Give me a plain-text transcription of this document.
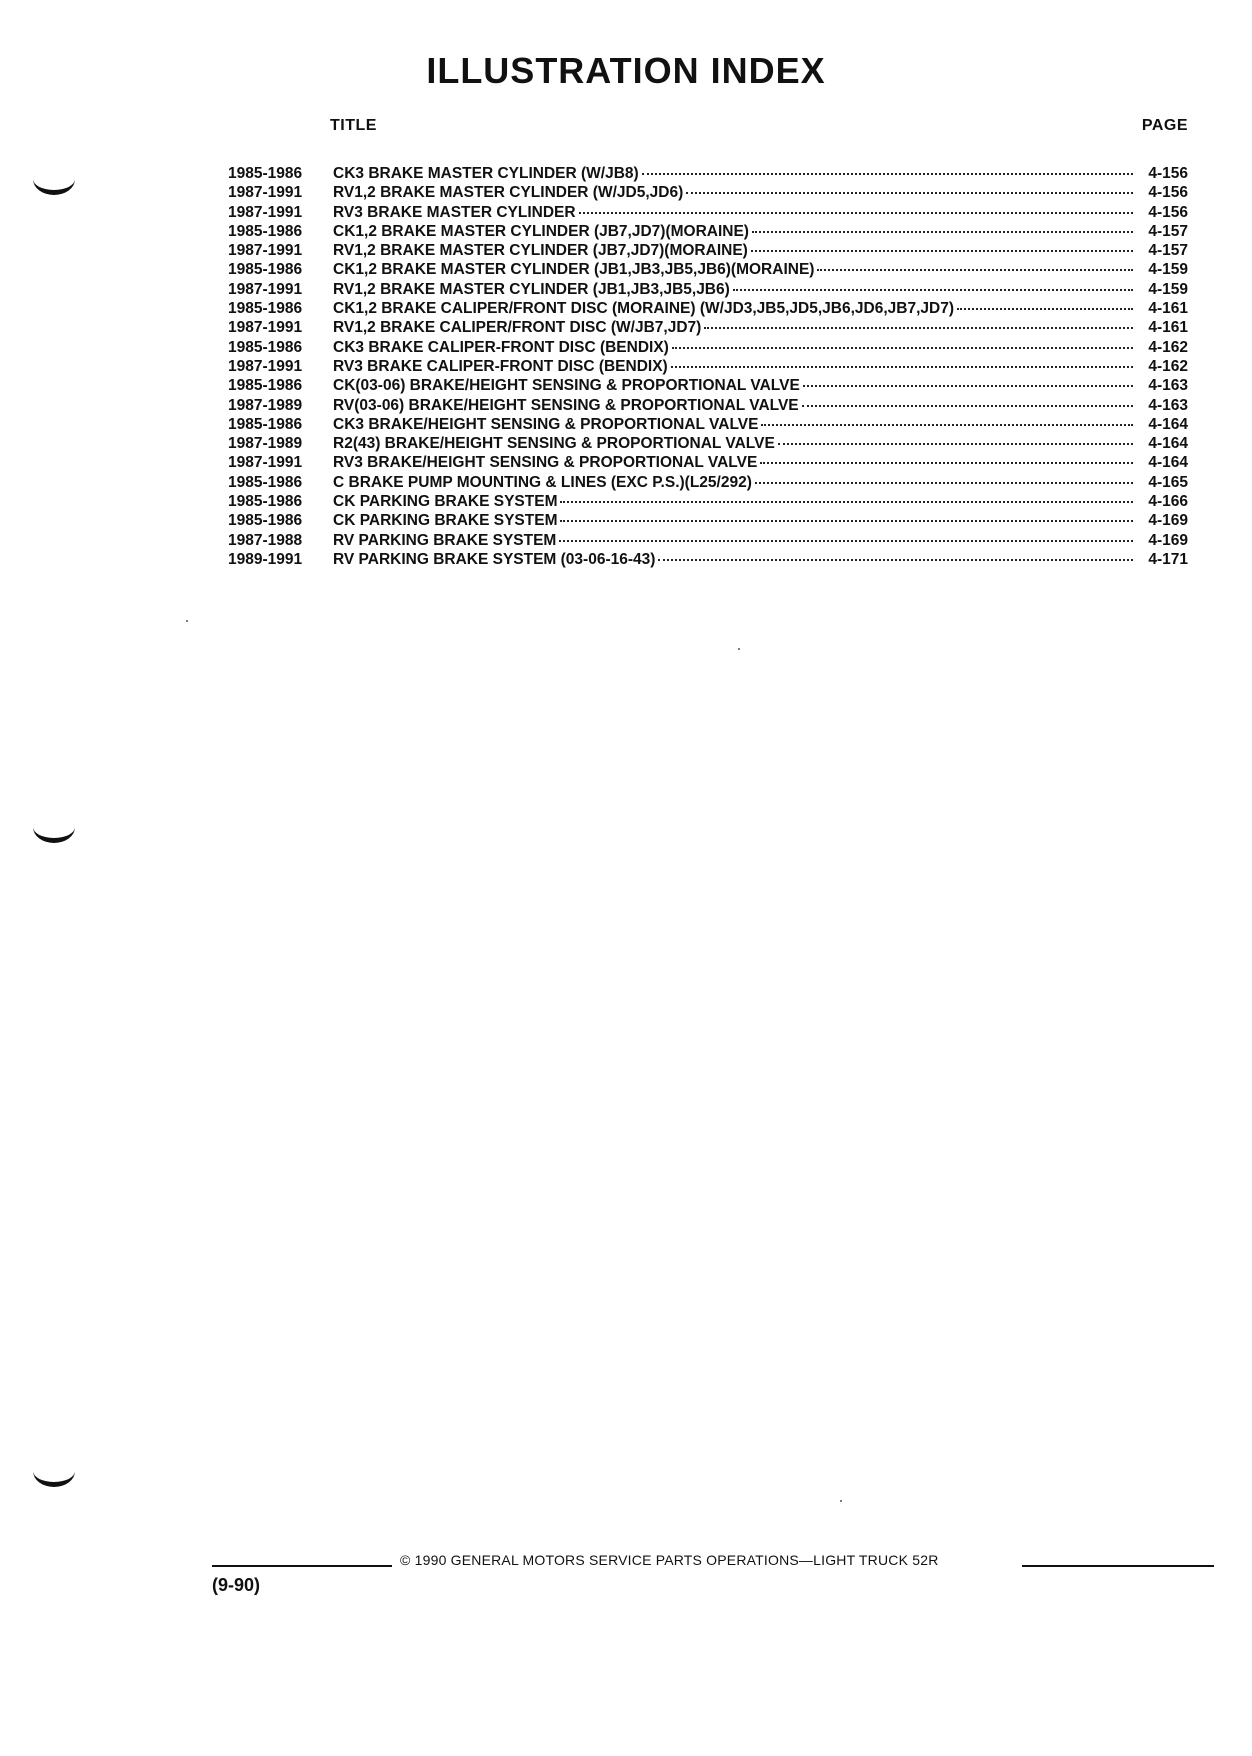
ILLUSTRATION INDEX
TITLE	PAGE
1985-1986	CK3 BRAKE MASTER CYLINDER (W/JB8)	4-156
1987-1991	RV1,2 BRAKE MASTER CYLINDER (W/JD5,JD6)	4-156
1987-1991	RV3 BRAKE MASTER CYLINDER	4-156
1985-1986	CK1,2 BRAKE MASTER CYLINDER (JB7,JD7)(MORAINE)	4-157
1987-1991	RV1,2 BRAKE MASTER CYLINDER (JB7,JD7)(MORAINE)	4-157
1985-1986	CK1,2 BRAKE MASTER CYLINDER (JB1,JB3,JB5,JB6)(MORAINE)	4-159
1987-1991	RV1,2 BRAKE MASTER CYLINDER (JB1,JB3,JB5,JB6)	4-159
1985-1986	CK1,2 BRAKE CALIPER/FRONT DISC (MORAINE) (W/JD3,JB5,JD5,JB6,JD6,JB7,JD7)	4-161
1987-1991	RV1,2 BRAKE CALIPER/FRONT DISC (W/JB7,JD7)	4-161
1985-1986	CK3 BRAKE CALIPER-FRONT DISC (BENDIX)	4-162
1987-1991	RV3 BRAKE CALIPER-FRONT DISC (BENDIX)	4-162
1985-1986	CK(03-06) BRAKE/HEIGHT SENSING & PROPORTIONAL VALVE	4-163
1987-1989	RV(03-06) BRAKE/HEIGHT SENSING & PROPORTIONAL VALVE	4-163
1985-1986	CK3 BRAKE/HEIGHT SENSING & PROPORTIONAL VALVE	4-164
1987-1989	R2(43) BRAKE/HEIGHT SENSING & PROPORTIONAL VALVE	4-164
1987-1991	RV3 BRAKE/HEIGHT SENSING & PROPORTIONAL VALVE	4-164
1985-1986	C BRAKE PUMP MOUNTING & LINES (EXC P.S.)(L25/292)	4-165
1985-1986	CK PARKING BRAKE SYSTEM	4-166
1985-1986	CK PARKING BRAKE SYSTEM	4-169
1987-1988	RV PARKING BRAKE SYSTEM	4-169
1989-1991	RV PARKING BRAKE SYSTEM (03-06-16-43)	4-171
© 1990 GENERAL MOTORS SERVICE PARTS OPERATIONS—LIGHT TRUCK 52R
(9-90)
